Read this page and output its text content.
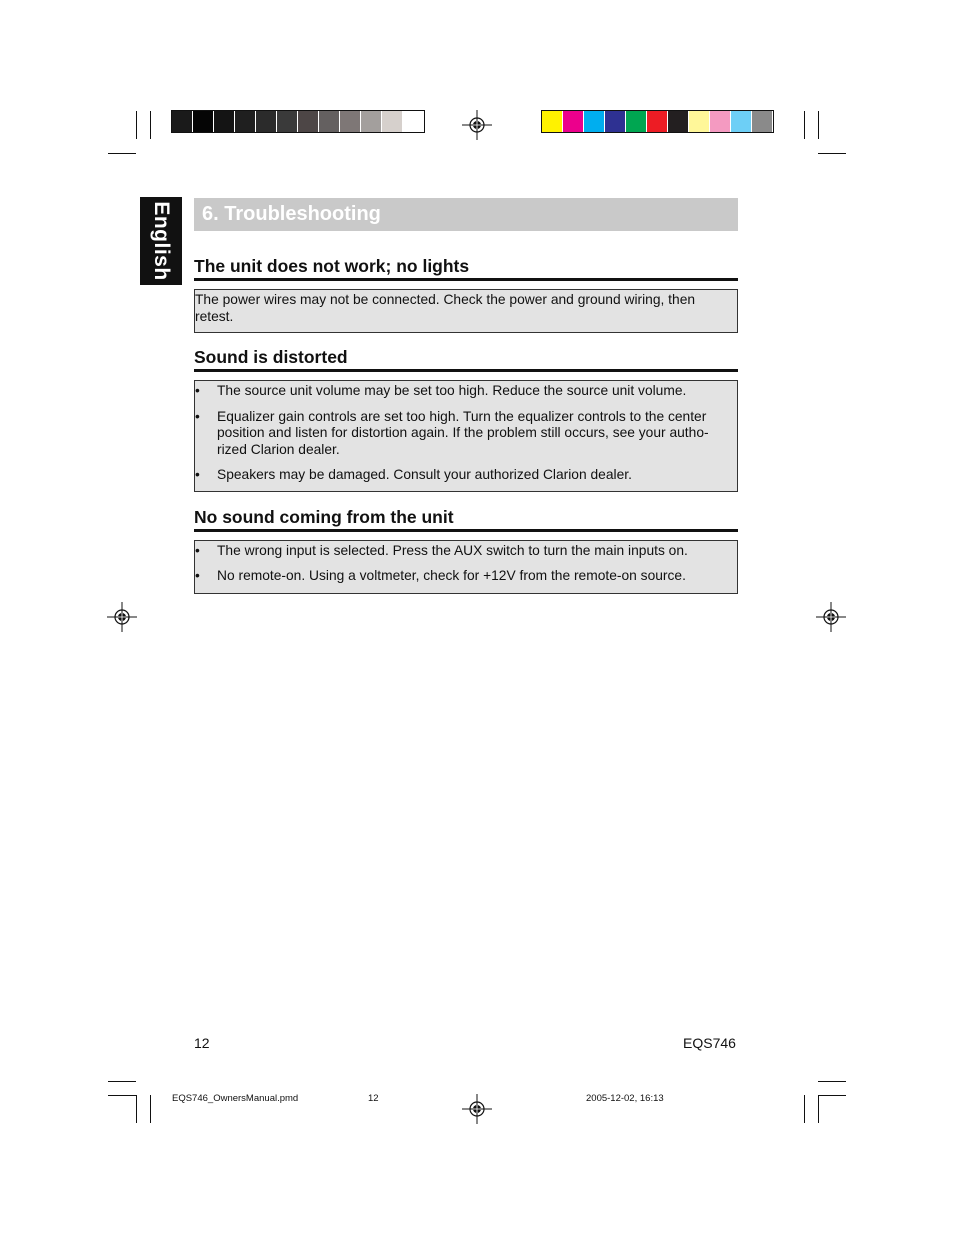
English	6. Troubleshooting
The unit does not work; no lights

The power wires may not be connected. Check the power and ground wiring, then retest.

Sound is distorted
• The source unit volume may be set too high. Reduce the source unit volume.
• Equalizer gain controls are set too high. Turn the equalizer controls to the center position and listen for distortion again. If the problem still occurs, see your autho-rized Clarion dealer.
• Speakers may be damaged. Consult your authorized Clarion dealer.
No sound coming from the unit
• The wrong input is selected. Press the AUX switch to turn the main inputs on.
• No remote-on. Using a voltmeter, check for +12V from the remote-on source.
12	EQS746
EQS746_OwnersManual.pmd	12	2005-12-02, 16:13
